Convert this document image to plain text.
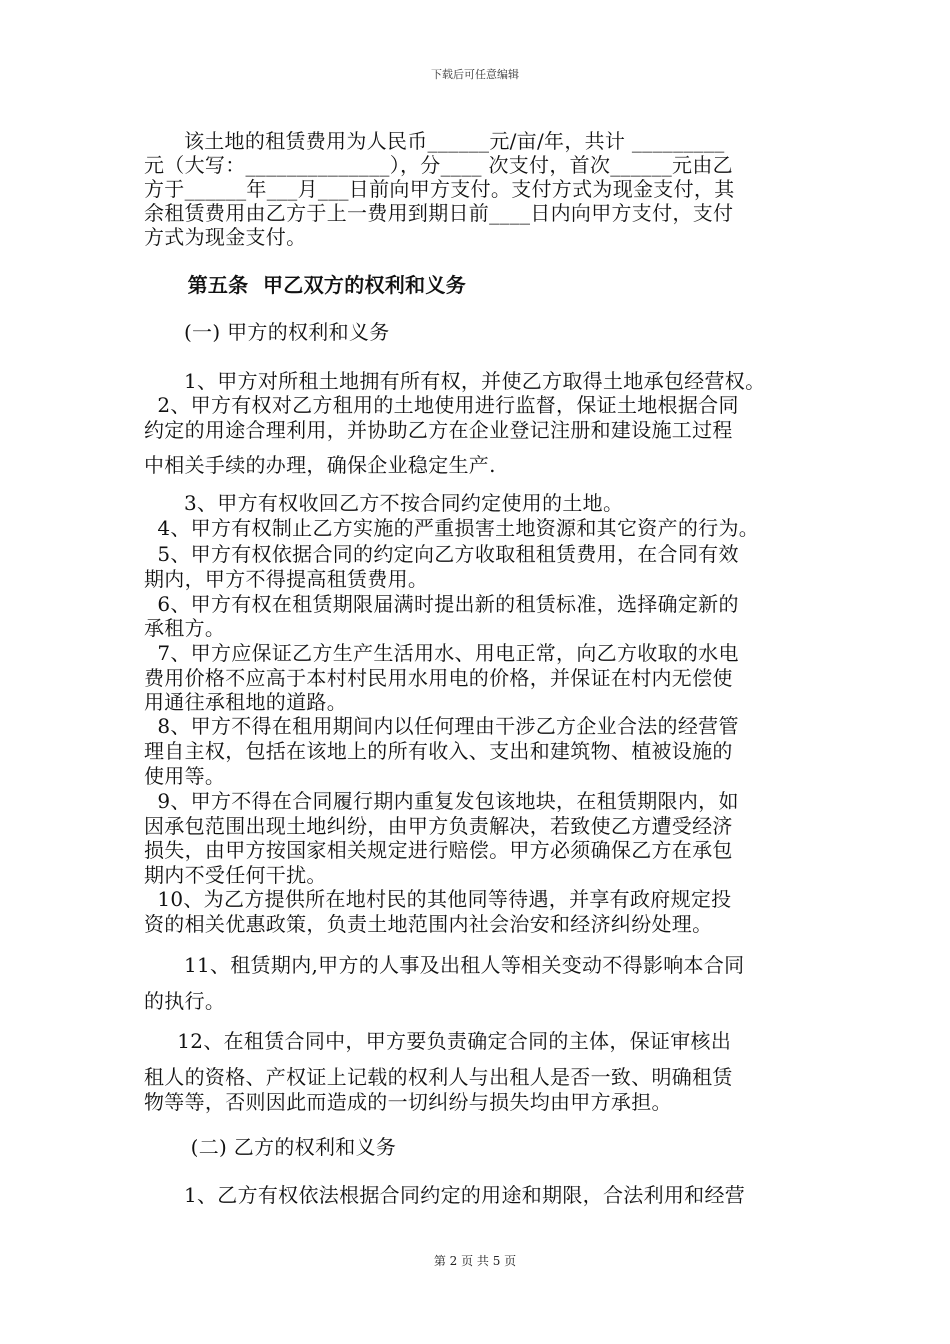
下载后可任意编辑
该土地的租赁费用为人民币______元/亩/年，共计 _________
元（大写：______________），分____ 次支付，首次______元由乙
方于______年___月___日前向甲方支付。支付方式为现金支付，其
余租赁费用由乙方于上一费用到期日前____日内向甲方支付，支付
方式为现金支付。
第五条  甲乙双方的权利和义务
(一) 甲方的权利和义务
1、甲方对所租土地拥有所有权，并使乙方取得土地承包经营权。
2、甲方有权对乙方租用的土地使用进行监督，保证土地根据合同
约定的用途合理利用，并协助乙方在企业登记注册和建设施工过程
中相关手续的办理，确保企业稳定生产.
3、甲方有权收回乙方不按合同约定使用的土地。
4、甲方有权制止乙方实施的严重损害土地资源和其它资产的行为。
5、甲方有权依据合同的约定向乙方收取租租赁费用，在合同有效
期内，甲方不得提高租赁费用。
6、甲方有权在租赁期限届满时提出新的租赁标准，选择确定新的
承租方。
7、甲方应保证乙方生产生活用水、用电正常，向乙方收取的水电
费用价格不应高于本村村民用水用电的价格，并保证在村内无偿使
用通往承租地的道路。
8、甲方不得在租用期间内以任何理由干涉乙方企业合法的经营管
理自主权，包括在该地上的所有收入、支出和建筑物、植被设施的
使用等。
9、甲方不得在合同履行期内重复发包该地块，在租赁期限内，如
因承包范围出现土地纠纷，由甲方负责解决，若致使乙方遭受经济
损失，由甲方按国家相关规定进行赔偿。甲方必须确保乙方在承包
期内不受任何干扰。
10、为乙方提供所在地村民的其他同等待遇，并享有政府规定投
资的相关优惠政策，负责土地范围内社会治安和经济纠纷处理。
11、租赁期内,甲方的人事及出租人等相关变动不得影响本合同
的执行。
12、在租赁合同中，甲方要负责确定合同的主体，保证审核出
租人的资格、产权证上记载的权利人与出租人是否一致、明确租赁
物等等，否则因此而造成的一切纠纷与损失均由甲方承担。
(二) 乙方的权利和义务
1、乙方有权依法根据合同约定的用途和期限，合法利用和经营
第 2 页 共 5 页
